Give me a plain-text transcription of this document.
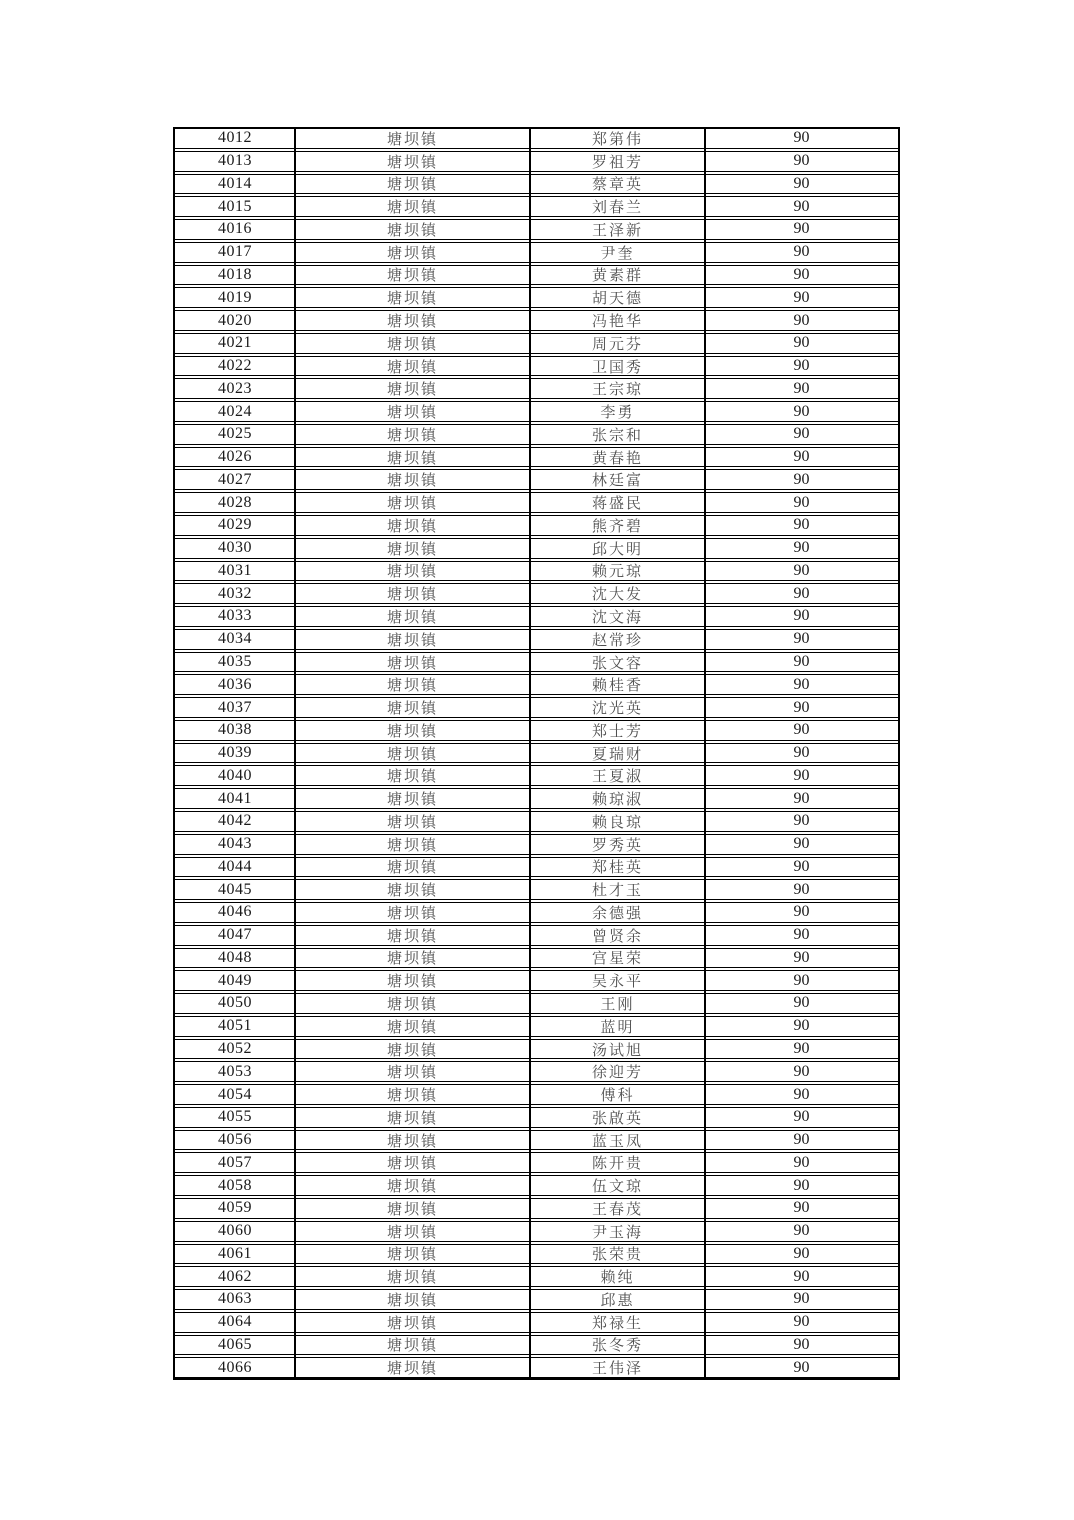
4012	塘坝镇	郑第伟	90
4013	塘坝镇	罗祖芳	90
4014	塘坝镇	蔡章英	90
4015	塘坝镇	刘春兰	90
4016	塘坝镇	王泽新	90
4017	塘坝镇	尹奎	90
4018	塘坝镇	黄素群	90
4019	塘坝镇	胡天德	90
4020	塘坝镇	冯艳华	90
4021	塘坝镇	周元芬	90
4022	塘坝镇	卫国秀	90
4023	塘坝镇	王宗琼	90
4024	塘坝镇	李勇	90
4025	塘坝镇	张宗和	90
4026	塘坝镇	黄春艳	90
4027	塘坝镇	林廷富	90
4028	塘坝镇	蒋盛民	90
4029	塘坝镇	熊齐碧	90
4030	塘坝镇	邱大明	90
4031	塘坝镇	赖元琼	90
4032	塘坝镇	沈大发	90
4033	塘坝镇	沈文海	90
4034	塘坝镇	赵常珍	90
4035	塘坝镇	张文容	90
4036	塘坝镇	赖桂香	90
4037	塘坝镇	沈光英	90
4038	塘坝镇	郑士芳	90
4039	塘坝镇	夏瑞财	90
4040	塘坝镇	王夏淑	90
4041	塘坝镇	赖琼淑	90
4042	塘坝镇	赖良琼	90
4043	塘坝镇	罗秀英	90
4044	塘坝镇	郑桂英	90
4045	塘坝镇	杜才玉	90
4046	塘坝镇	余德强	90
4047	塘坝镇	曾贤余	90
4048	塘坝镇	宫星荣	90
4049	塘坝镇	吴永平	90
4050	塘坝镇	王刚	90
4051	塘坝镇	蓝明	90
4052	塘坝镇	汤试旭	90
4053	塘坝镇	徐迎芳	90
4054	塘坝镇	傅科	90
4055	塘坝镇	张啟英	90
4056	塘坝镇	蓝玉凤	90
4057	塘坝镇	陈开贵	90
4058	塘坝镇	伍文琼	90
4059	塘坝镇	王春茂	90
4060	塘坝镇	尹玉海	90
4061	塘坝镇	张荣贵	90
4062	塘坝镇	赖纯	90
4063	塘坝镇	邱惠	90
4064	塘坝镇	郑禄生	90
4065	塘坝镇	张冬秀	90
4066	塘坝镇	王伟泽	90
